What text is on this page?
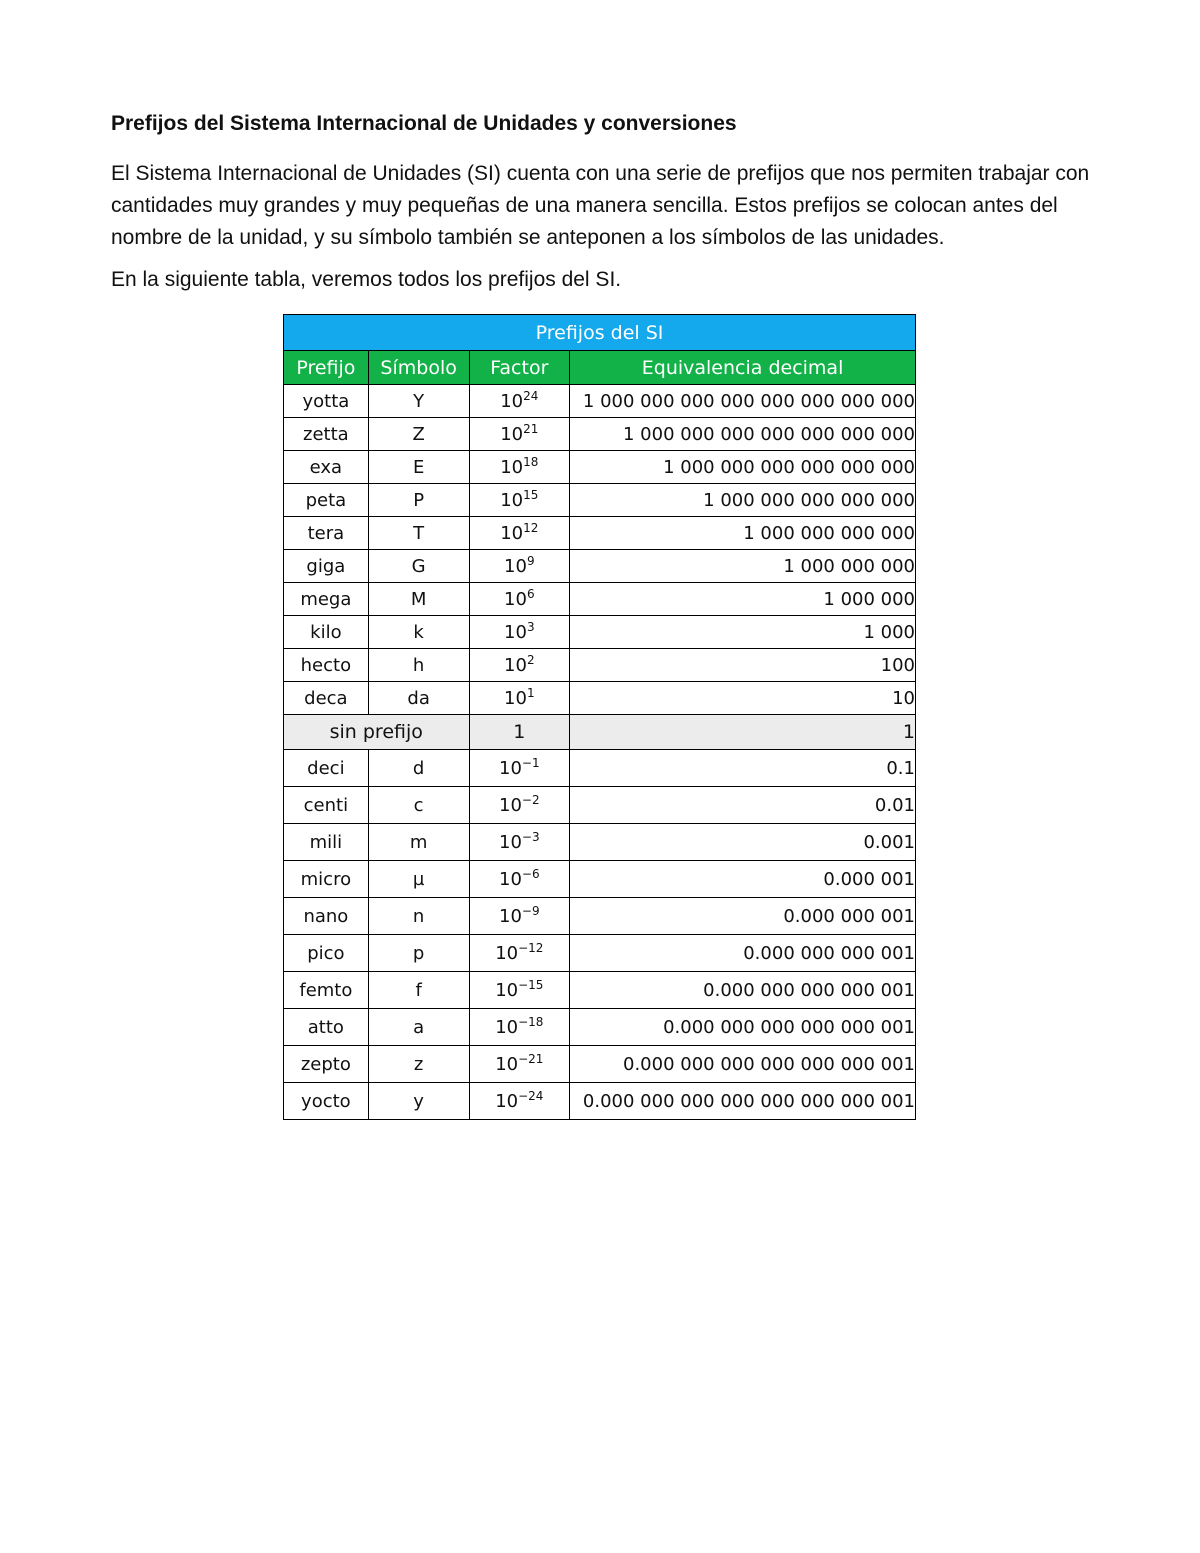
Prefijos del Sistema Internacional de Unidades y conversiones

El Sistema Internacional de Unidades (SI) cuenta con una serie de prefijos que nos permiten trabajar con cantidades muy grandes y muy pequeñas de una manera sencilla. Estos prefijos se colocan antes del nombre de la unidad, y su símbolo también se anteponen a los símbolos de las unidades.

En la siguiente tabla, veremos todos los prefijos del SI.

Prefijos del SI			
Prefijo	Símbolo	Factor	Equivalencia decimal
yotta	Y	$10^{24}$	1 000 000 000 000 000 000 000 000
zetta	Z	$10^{21}$	1 000 000 000 000 000 000 000
exa	E	$10^{18}$	1 000 000 000 000 000 000
peta	P	$10^{15}$	1 000 000 000 000 000
tera	T	$10^{12}$	1 000 000 000 000
giga	G	$10^9$	1 000 000 000
mega	M	$10^6$	1 000 000
kilo	k	$10^3$	1 000
hecto	h	$10^2$	100
deca	da	$10^1$	10
sin prefijo		1	1
deci	d	$10^{-1}$	0.1
centi	c	$10^{-2}$	0.01
mili	m	$10^{-3}$	0.001
micro	µ	$10^{-6}$	0.000 001
nano	n	$10^{-9}$	0.000 000 001
pico	p	$10^{-12}$	0.000 000 000 001
femto	f	$10^{-15}$	0.000 000 000 000 001
atto	a	$10^{-18}$	0.000 000 000 000 000 001
zepto	z	$10^{-21}$	0.000 000 000 000 000 000 001
yocto	y	$10^{-24}$	0.000 000 000 000 000 000 000 001
